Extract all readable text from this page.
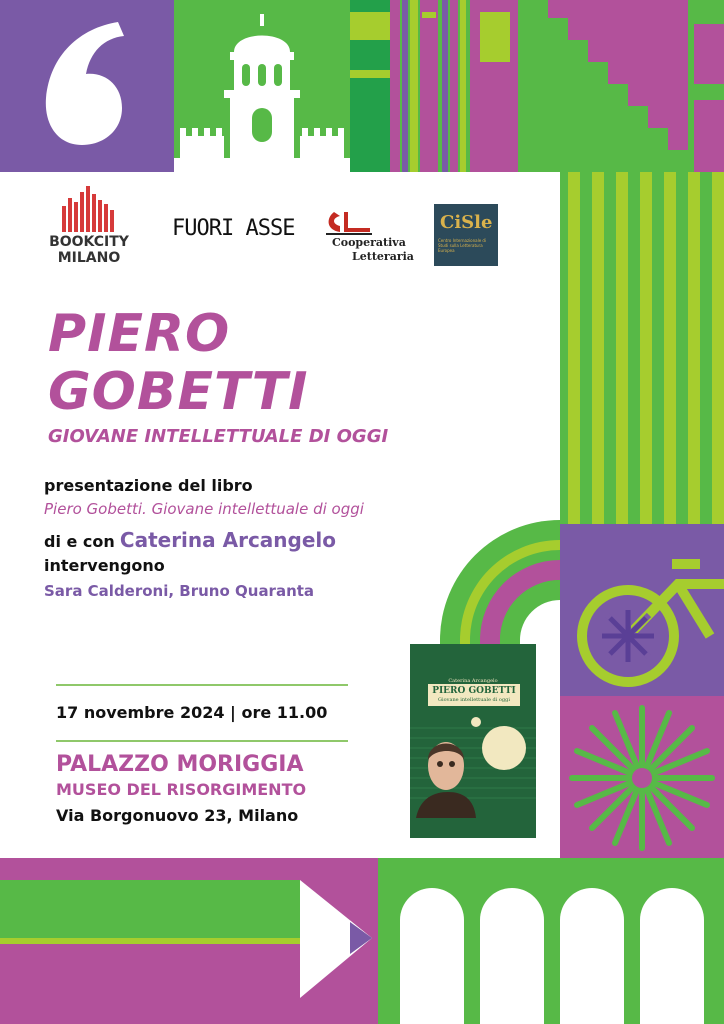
BOOKCITY
MILANO
FUORI ASSE
Cooperativa
Letteraria
CiSle
Centro Internazionale di Studi sulla Letteratura Europea
PIERO
GOBETTI
GIOVANE INTELLETTUALE DI OGGI
presentazione del libro
Piero Gobetti. Giovane intellettuale di oggi
di e con Caterina Arcangelo
intervengono
Sara Calderoni, Bruno Quaranta
17 novembre 2024 | ore 11.00
PALAZZO MORIGGIA
MUSEO DEL RISORGIMENTO
Via Borgonuovo 23, Milano
Caterina Arcangelo
PIERO GOBETTI
Giovane intellettuale di oggi
